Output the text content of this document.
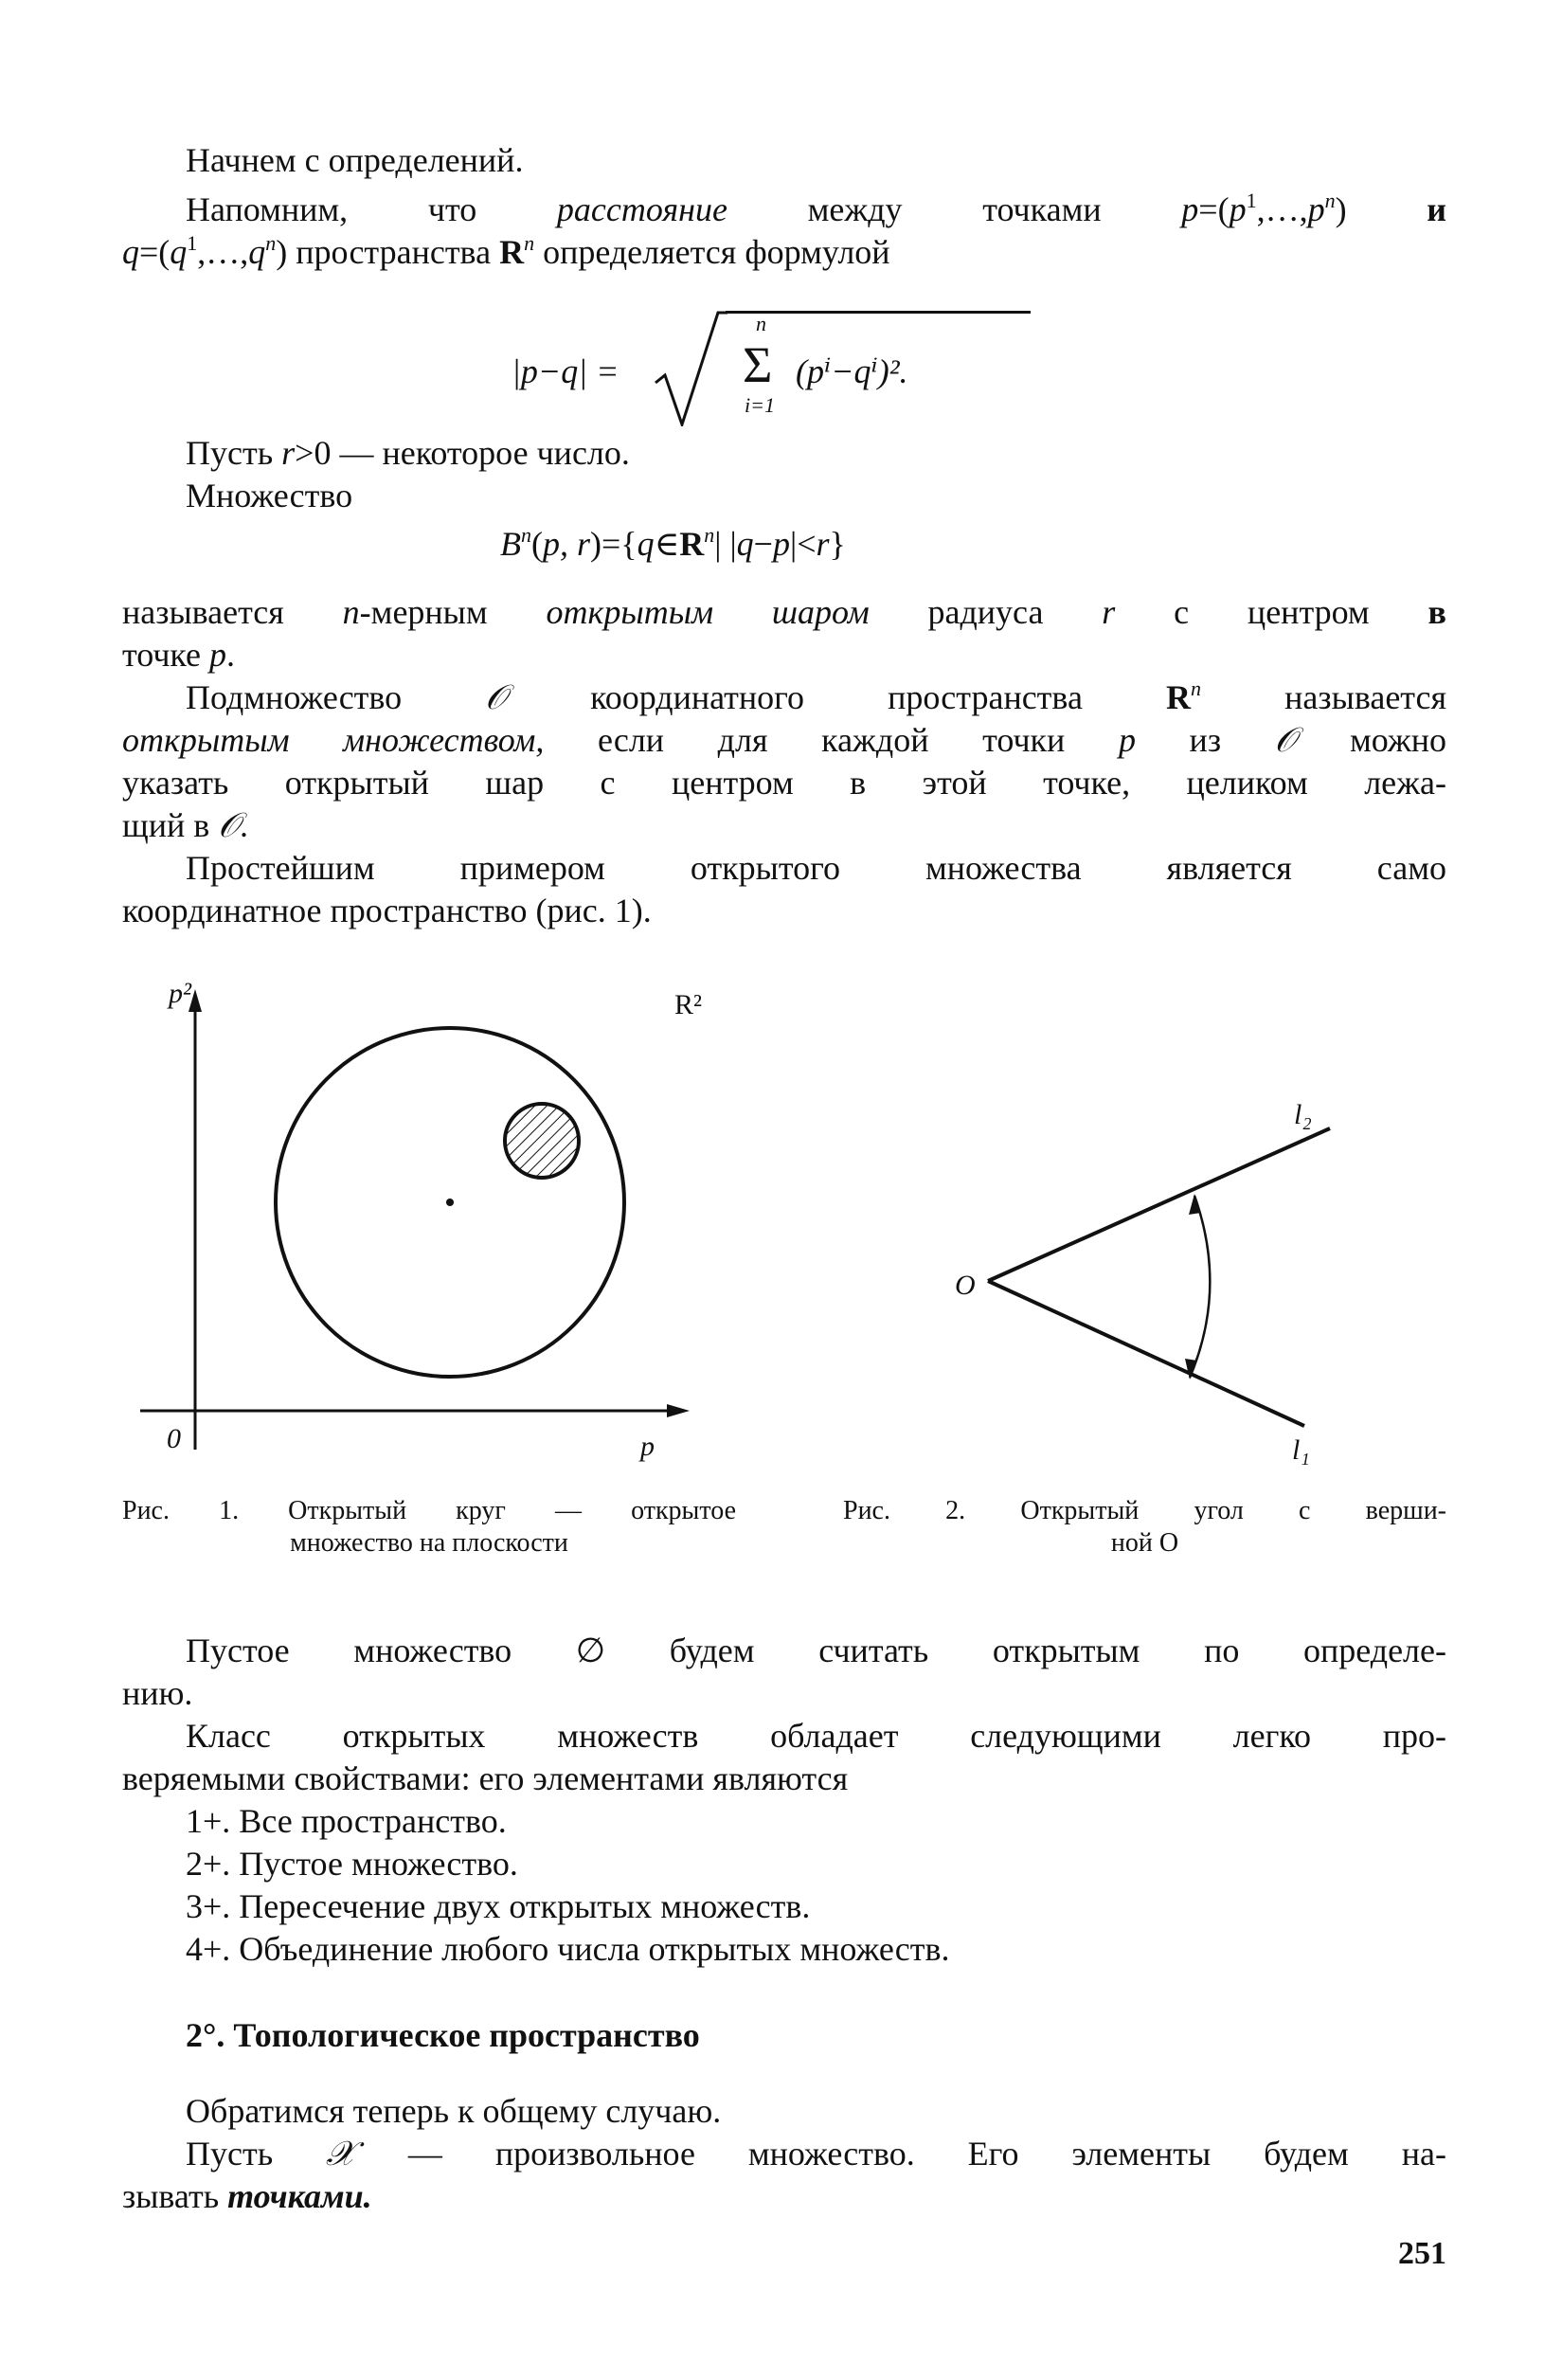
Начнем с определений.
Напомним, что расстояние между точками $p=(p^1,\dots,p^n)$ и
$q=(q^1,\dots,q^n)$ пространства $R^n$ определяется формулой
Пусть r>0 — некоторое число.
Множество
называется n-мерным открытым шаром радиуса r с центром в
точке p.
Подмножество 𝒪 координатного пространства $R^n$ называется
открытым множеством, если для каждой точки p из 𝒪 можно
указать открытый шар с центром в этой точке, целиком лежа-
щий в 𝒪.
Простейшим примером открытого множества является само
координатное пространство (рис. 1).
Пустое множество ∅ будем считать открытым по определе-
нию.
Класс открытых множеств обладает следующими легко про-
веряемыми свойствами: его элементами являются
1+. Все пространство.
2+. Пустое множество.
3+. Пересечение двух открытых множеств.
4+. Объединение любого числа открытых множеств.
2°. Топологическое пространство
Обратимся теперь к общему случаю.
Пусть 𝒳 — произвольное множество. Его элементы будем на-
зывать точками.
|p−q| =
n
Σ
i=1
(pⁱ−qⁱ)².
$B^n(p$, $r)=\{q\in R^n|$ |q−p|<r}
p²	R²
0	p
O
l₂
l₁
Рис. 1. Открытый круг — открытое
множество на плоскости
Рис. 2. Открытый угол с верши-
ной O
251
